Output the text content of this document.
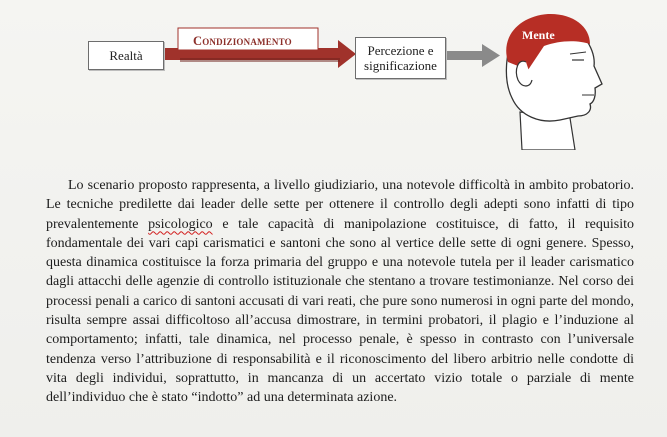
Realtà
Condizionamento
Percezione e
significazione
Mente

Lo scenario proposto rappresenta, a livello giudiziario, una notevole difficoltà in ambito probatorio. Le tecniche predilette dai leader delle sette per ottenere il controllo degli adepti sono infatti di tipo prevalentemente psicologico e tale capacità di manipolazione costituisce, di fatto, il requisito fondamentale dei vari capi carismatici e santoni che sono al vertice delle sette di ogni genere. Spesso, questa dinamica costituisce la forza primaria del gruppo e una notevole tutela per il leader carismatico dagli attacchi delle agenzie di controllo istituzionale che stentano a trovare testimonianze. Nel corso dei processi penali a carico di santoni accusati di vari reati, che pure sono numerosi in ogni parte del mondo, risulta sempre assai difficoltoso all’accusa dimostrare, in termini probatori, il plagio e l’induzione al comportamento; infatti, tale dinamica, nel processo penale, è spesso in contrasto con l’universale tendenza verso l’attribuzione di responsabilità e il riconoscimento del libero arbitrio nelle condotte di vita degli individui, soprattutto, in mancanza di un accertato vizio totale o parziale di mente dell’individuo che è stato “indotto” ad una determinata azione.
